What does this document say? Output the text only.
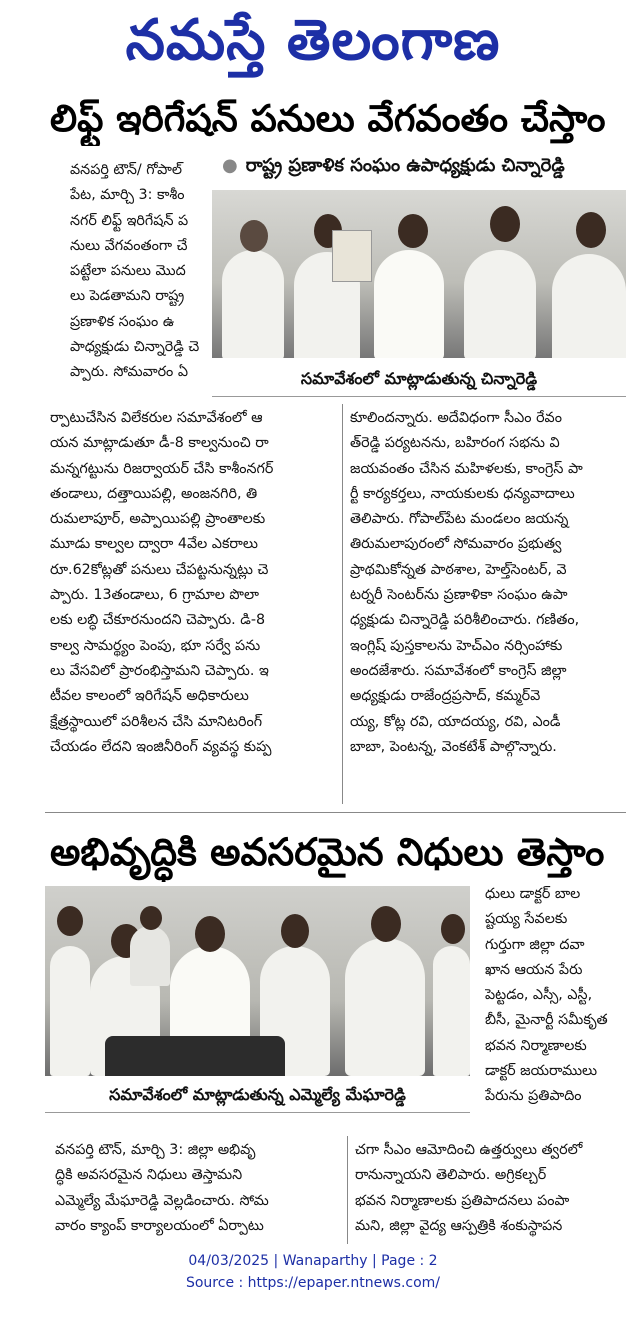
నమస్తే తెలంగాణ
లిఫ్ట్ ఇరిగేషన్ పనులు వేగవంతం చేస్తాం
● రాష్ట్ర ప్రణాళిక సంఘం ఉపాధ్యక్షుడు చిన్నారెడ్డి

వనపర్తి టౌన్/ గోపాల్

పేట, మార్చి 3: కాశీం

నగర్ లిఫ్ట్ ఇరిగేషన్ ప

నులు వేగవంతంగా చే

పట్టేలా పనులు మొద

లు పెడతామని రాష్ట్ర

ప్రణాళిక సంఘం ఉ

పాధ్యక్షుడు చిన్నారెడ్డి చె

ప్పారు. సోమవారం ఏ	సమావేశంలో మాట్లాడుతున్న చిన్నారెడ్డి

ర్పాటుచేసిన విలేకరుల సమావేశంలో ఆ

యన మాట్లాడుతూ డీ-8 కాల్వనుంచి రా

మన్నగట్టును రిజర్వాయర్ చేసి కాశీంనగర్

తండాలు, దత్తాయిపల్లి, అంజనగిరి, తి

రుమలాపూర్, అప్పాయిపల్లి ప్రాంతాలకు

మూడు కాల్వల ద్వారా 4వేల ఎకరాలు

రూ.62కోట్లతో పనులు చేపట్టనున్నట్లు చె

ప్పారు. 13తండాలు, 6 గ్రామాల పొలా

లకు లబ్ధి చేకూరనుందని చెప్పారు. డి-8

కాల్వ సామర్థ్యం పెంపు, భూ సర్వే పను

లు వేసవిలో ప్రారంభిస్తామని చెప్పారు. ఇ

టీవల కాలంలో ఇరిగేషన్ అధికారులు

క్షేత్రస్థాయిలో పరిశీలన చేసి మానిటరింగ్

చేయడం లేదని ఇంజినీరింగ్ వ్యవస్థ కుప్ప

కూలిందన్నారు. అదేవిధంగా సీఎం రేవం

త్‌రెడ్డి పర్యటనను, బహిరంగ సభను వి

జయవంతం చేసిన మహిళలకు, కాంగ్రెస్ పా

ర్టీ కార్యకర్తలు, నాయకులకు ధన్యవాదాలు

తెలిపారు. గోపాల్‌పేట మండలం జయన్న

తిరుమలాపురంలో సోమవారం ప్రభుత్వ

ప్రాథమికోన్నత పాఠశాల, హెల్త్‌సెంటర్, వె

టర్నరీ సెంటర్‌ను ప్రణాళికా సంఘం ఉపా

ధ్యక్షుడు చిన్నారెడ్డి పరిశీలించారు. గణితం,

ఇంగ్లిష్ పుస్తకాలను హెచ్ఎం నర్సింహాకు

అందజేశారు. సమావేశంలో కాంగ్రెస్ జిల్లా

అధ్యక్షుడు రాజేంద్రప్రసాద్, కమ్మర్‌వె

య్య, కోట్ల రవి, యాదయ్య, రవి, ఎండీ

బాబా, పెంటన్న, వెంకటేశ్ పాల్గొన్నారు.

అభివృద్ధికి అవసరమైన నిధులు తెస్తాం
సమావేశంలో మాట్లాడుతున్న ఎమ్మెల్యే మేఘారెడ్డి

ధులు డాక్టర్ బాల

ష్టయ్య సేవలకు

గుర్తుగా జిల్లా దవా

ఖాన ఆయన పేరు

పెట్టడం, ఎస్సీ, ఎస్టీ,

బీసీ, మైనార్టీ సమీకృత

భవన నిర్మాణాలకు

డాక్టర్ జయరాములు

పేరును ప్రతిపాదిం

వనపర్తి టౌన్, మార్చి 3: జిల్లా అభివృ

ద్ధికి అవసరమైన నిధులు తెస్తామని

ఎమ్మెల్యే మేఘారెడ్డి వెల్లడించారు. సోమ

వారం క్యాంప్ కార్యాలయంలో ఏర్పాటు

చగా సీఎం ఆమోదించి ఉత్తర్వులు త్వరలో

రానున్నాయని తెలిపారు. అగ్రికల్చర్

భవన నిర్మాణాలకు ప్రతిపాదనలు పంపా

మని, జిల్లా వైద్య ఆస్పత్రికి శంకుస్థాపన

04/03/2025 | Wanaparthy | Page : 2
Source : https://epaper.ntnews.com/
